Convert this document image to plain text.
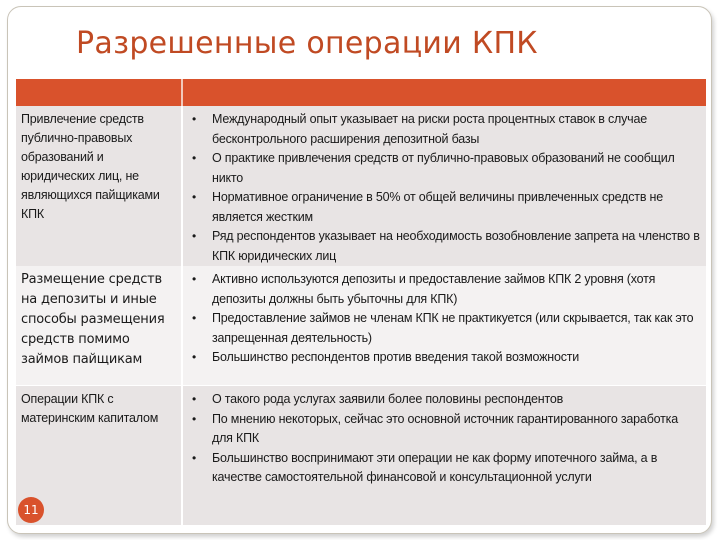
Разрешенные операции КПК
Привлечение средств публично-правовых образований и юридических лиц, не являющихся пайщиками КПК
• Международный опыт указывает на риски роста процентных ставок в случае бесконтрольного расширения депозитной базы
• О практике привлечения средств от публично-правовых образований не сообщил никто
• Нормативное ограничение в 50% от общей величины привлеченных средств не является жестким
• Ряд респондентов указывает на необходимость возобновление запрета на членство в КПК юридических лиц
Размещение средств на депозиты и иные способы размещения средств помимо займов пайщикам
• Активно используются депозиты и предоставление займов КПК 2 уровня (хотя депозиты должны быть убыточны для КПК)
• Предоставление займов не членам КПК не практикуется (или скрывается, так как это запрещенная деятельность)
• Большинство респондентов против введения такой возможности
Операции КПК с материнским капиталом
• О такого рода услугах заявили более половины респондентов
• По мнению некоторых, сейчас это основной источник гарантированного заработка для КПК
• Большинство воспринимают эти операции не как форму ипотечного займа, а в качестве самостоятельной финансовой и консультационной услуги
11
